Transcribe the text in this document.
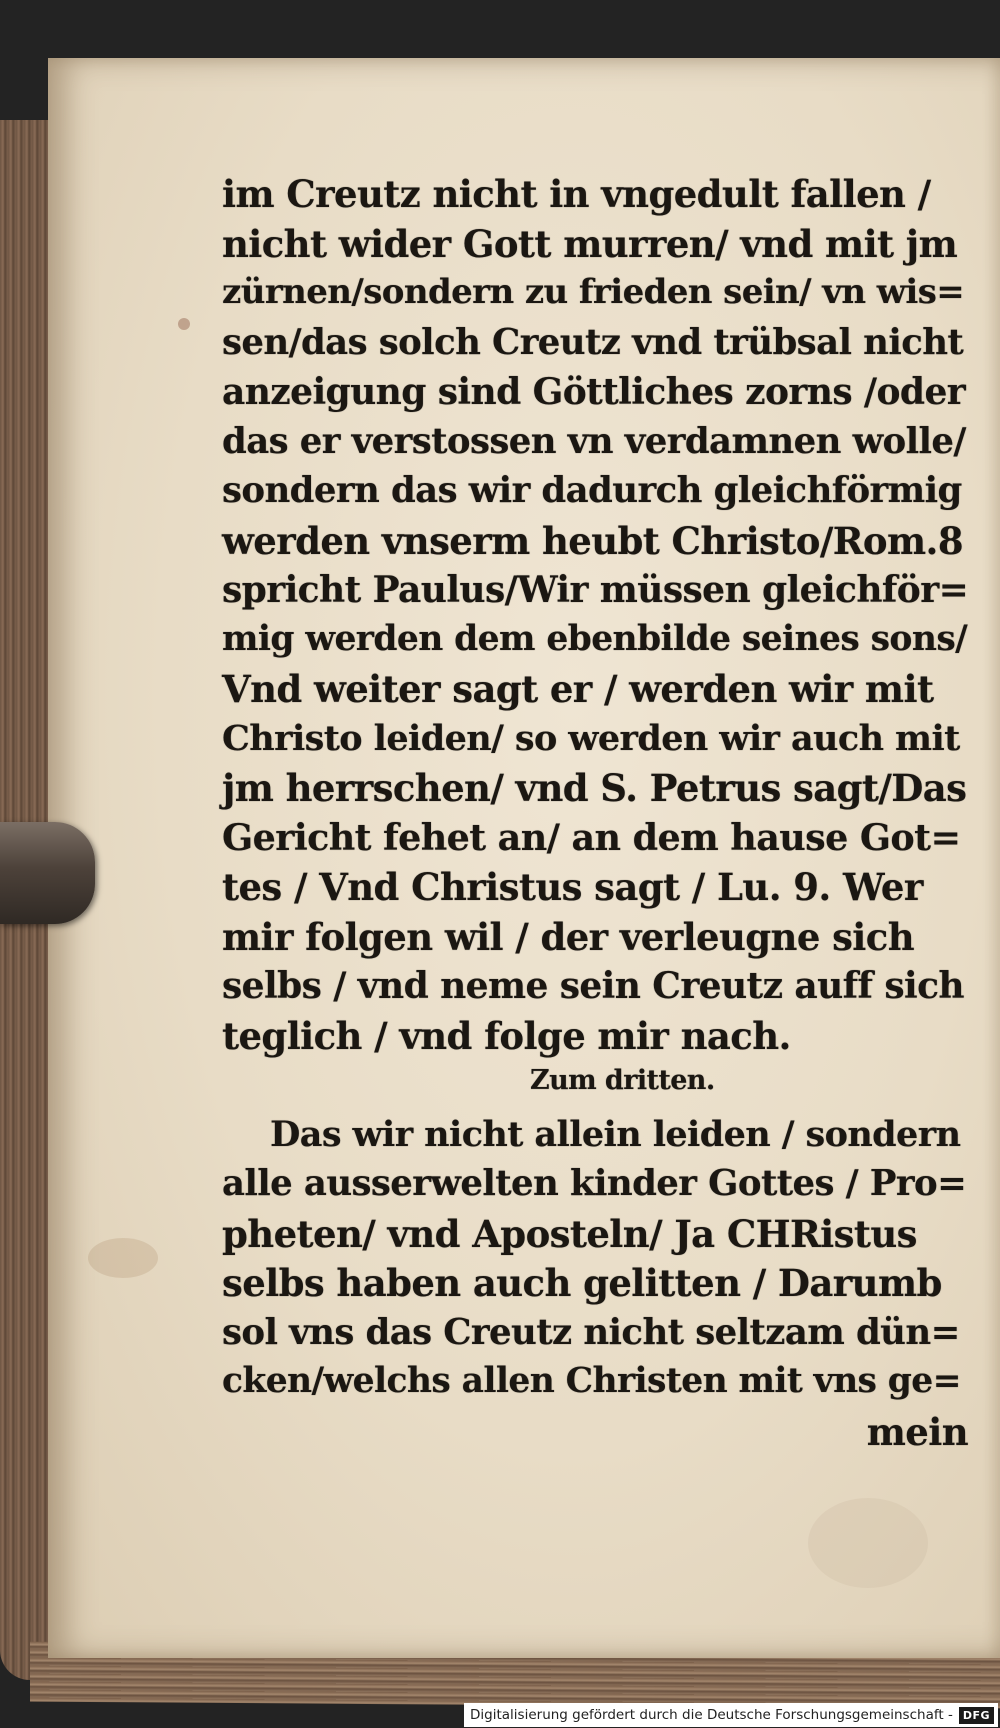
im Creutz nicht in vngedult fallen /
nicht wider Gott murren/ vnd mit jm
zürnen/sondern zu frieden sein/ vn wis=
sen/das solch Creutz vnd trübsal nicht
anzeigung sind Göttliches zorns /oder
das er verstossen vn verdamnen wolle/
sondern das wir dadurch gleichförmig
werden vnserm heubt Christo/Rom.8
spricht Paulus/Wir müssen gleichför=
mig werden dem ebenbilde seines sons/
Vnd weiter sagt er / werden wir mit
Christo leiden/ so werden wir auch mit
jm herrschen/ vnd S. Petrus sagt/Das
Gericht fehet an/ an dem hause Got=
tes / Vnd Christus sagt / Lu. 9. Wer
mir folgen wil / der verleugne sich
selbs / vnd neme sein Creutz auff sich
teglich / vnd folge mir nach.
Zum dritten.
Das wir nicht allein leiden / sondern
alle ausserwelten kinder Gottes / Pro=
pheten/ vnd Aposteln/ Ja CHRistus
selbs haben auch gelitten / Darumb
sol vns das Creutz nicht seltzam dün=
cken/welchs allen Christen mit vns ge=
mein
Digitalisierung gefördert durch die Deutsche Forschungsgemeinschaft - DFG
